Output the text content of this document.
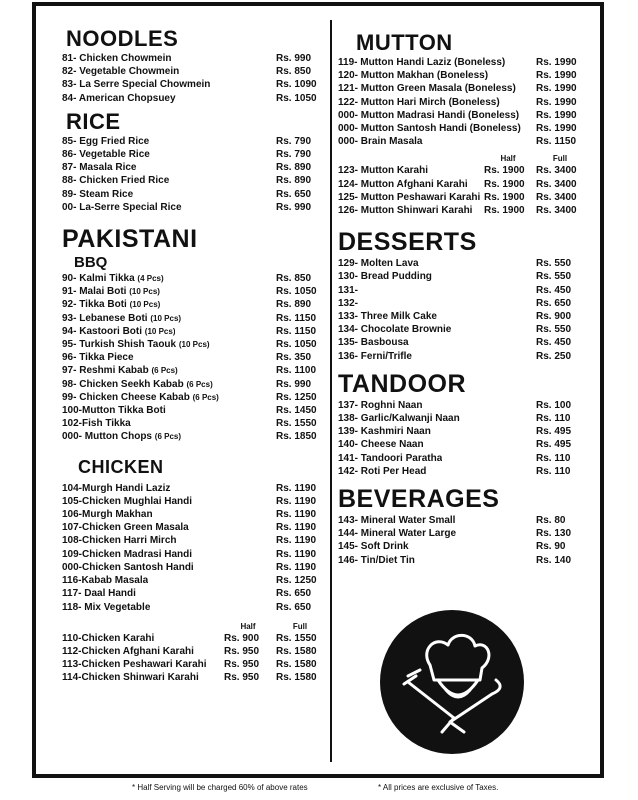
NOODLES
81- Chicken Chowmein	Rs. 990
82- Vegetable Chowmein	Rs. 850
83- La Serre Special Chowmein	Rs. 1090
84- American Chopsuey	Rs. 1050
RICE
85- Egg Fried Rice	Rs. 790
86- Vegetable Rice	Rs. 790
87- Masala Rice	Rs. 890
88- Chicken Fried Rice	Rs. 890
89- Steam Rice	Rs. 650
00- La-Serre Special Rice	Rs. 990
PAKISTANI
BBQ
90- Kalmi Tikka (4 Pcs)	Rs. 850
91- Malai Boti (10 Pcs)	Rs. 1050
92- Tikka Boti (10 Pcs)	Rs. 890
93- Lebanese Boti (10 Pcs)	Rs. 1150
94- Kastoori Boti (10 Pcs)	Rs. 1150
95- Turkish Shish Taouk (10 Pcs)	Rs. 1050
96- Tikka Piece	Rs. 350
97- Reshmi Kabab (6 Pcs)	Rs. 1100
98- Chicken Seekh Kabab (6 Pcs)	Rs. 990
99- Chicken Cheese Kabab (6 Pcs)	Rs. 1250
100-Mutton Tikka Boti	Rs. 1450
102-Fish Tikka	Rs. 1550
000- Mutton Chops (6 Pcs)	Rs. 1850
CHICKEN
104-Murgh Handi Laziz	Rs. 1190
105-Chicken Mughlai Handi	Rs. 1190
106-Murgh Makhan	Rs. 1190
107-Chicken Green Masala	Rs. 1190
108-Chicken Harri Mirch	Rs. 1190
109-Chicken Madrasi Handi	Rs. 1190
000-Chicken Santosh Handi	Rs. 1190
116-Kabab Masala	Rs. 1250
117- Daal Handi	Rs. 650
118- Mix Vegetable	Rs. 650
Half	Full
110-Chicken Karahi	Rs. 900	Rs. 1550
112-Chicken Afghani Karahi	Rs. 950	Rs. 1580
113-Chicken Peshawari Karahi Rs. 950	Rs. 1580
114-Chicken Shinwari Karahi	Rs. 950	Rs. 1580
MUTTON
119- Mutton Handi Laziz (Boneless)	Rs. 1990
120- Mutton Makhan (Boneless)	Rs. 1990
121- Mutton Green Masala (Boneless) Rs. 1990
122- Mutton Hari Mirch (Boneless)	Rs. 1990
000- Mutton Madrasi Handi (Boneless) Rs. 1990
000- Mutton Santosh Handi (Boneless) Rs. 1990
000- Brain Masala	Rs. 1150
Half	Full
123- Mutton Karahi	Rs. 1900	Rs. 3400
124- Mutton Afghani Karahi Rs. 1900	Rs. 3400
125- Mutton Peshawari Karahi Rs. 1900	Rs. 3400
126- Mutton Shinwari Karahi Rs. 1900	Rs. 3400
DESSERTS
129- Molten Lava	Rs. 550
130- Bread Pudding	Rs. 550
131-	Rs. 450
132-	Rs. 650
133- Three Milk Cake	Rs. 900
134- Chocolate Brownie	Rs. 550
135- Basbousa	Rs. 450
136- Ferni/Trifle	Rs. 250
TANDOOR
137- Roghni Naan	Rs. 100
138- Garlic/Kalwanji Naan	Rs. 110
139- Kashmiri Naan	Rs. 495
140- Cheese Naan	Rs. 495
141- Tandoori Paratha	Rs. 110
142- Roti Per Head	Rs. 110
BEVERAGES
143- Mineral Water Small	Rs. 80
144- Mineral Water Large	Rs. 130
145- Soft Drink	Rs. 90
146- Tin/Diet Tin	Rs. 140
* Half Serving will be charged 60% of above rates	* All prices are exclusive of Taxes.
